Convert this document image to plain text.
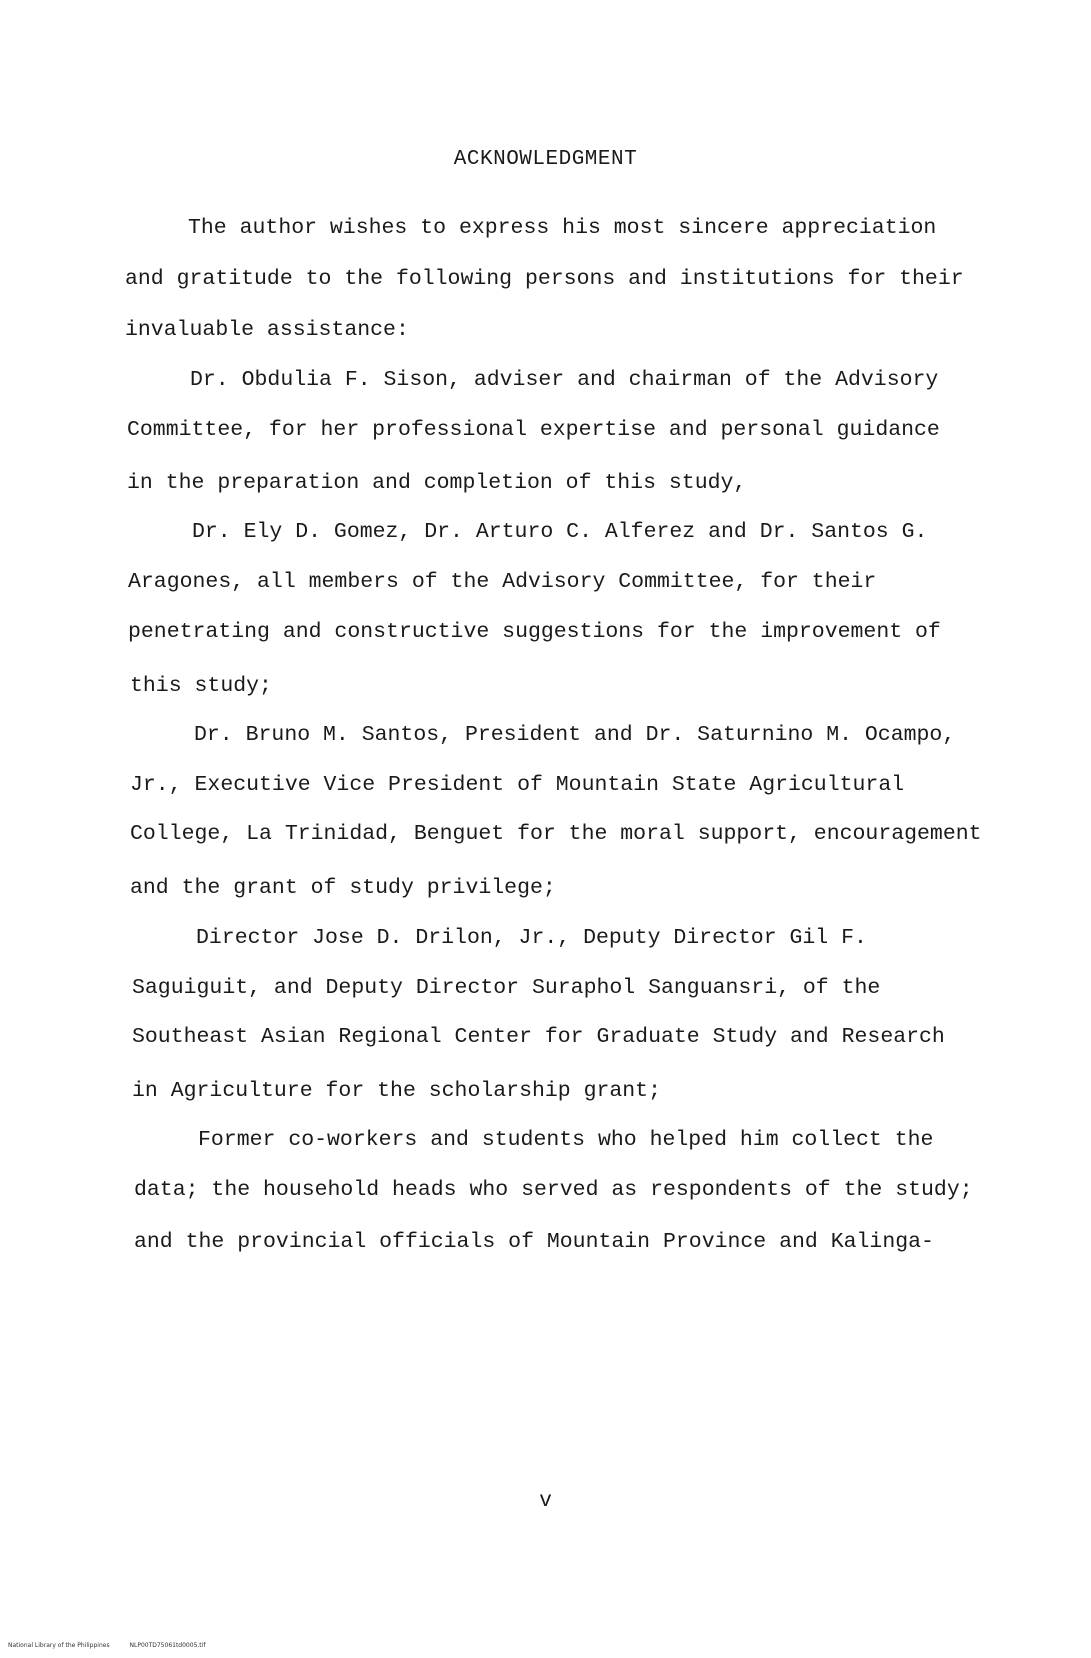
ACKNOWLEDGMENT
The author wishes to express his most sincere appreciation
and gratitude to the following persons and institutions for their
invaluable assistance:
Dr. Obdulia F. Sison, adviser and chairman of the Advisory
Committee, for her professional expertise and personal guidance
in the preparation and completion of this study,
Dr. Ely D. Gomez, Dr. Arturo C. Alferez and Dr. Santos G.
Aragones, all members of the Advisory Committee, for their
penetrating and constructive suggestions for the improvement of
this study;
Dr. Bruno M. Santos, President and Dr. Saturnino M. Ocampo,
Jr., Executive Vice President of Mountain State Agricultural
College, La Trinidad, Benguet for the moral support, encouragement
and the grant of study privilege;
Director Jose D. Drilon, Jr., Deputy Director Gil F.
Saguiguit, and Deputy Director Suraphol Sanguansri, of the
Southeast Asian Regional Center for Graduate Study and Research
in Agriculture for the scholarship grant;
Former co-workers and students who helped him collect the
data; the household heads who served as respondents of the study;
and the provincial officials of Mountain Province and Kalinga-
v
National Library of the Philippines	NLP00TD75061td0005.tif
